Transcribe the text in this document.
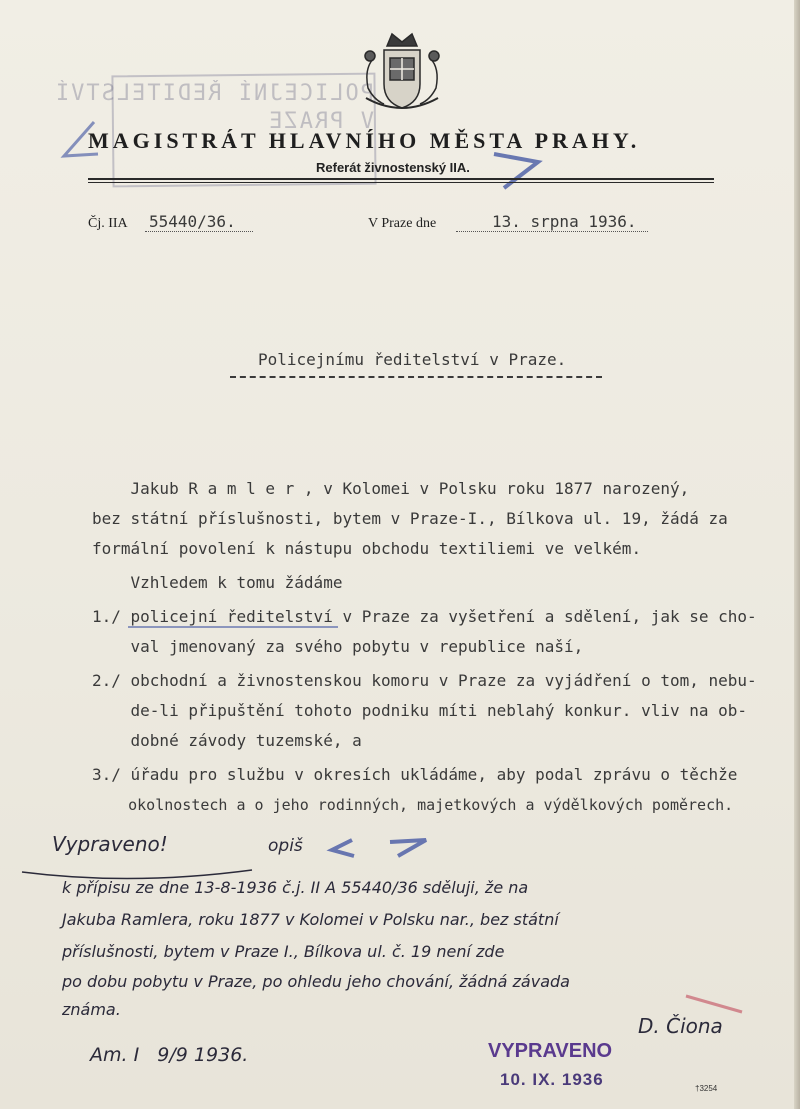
POLICEJNÍ ŘEDITELSTVÍ
V PRAZE
MAGISTRÁT HLAVNÍHO MĚSTA PRAHY.
Referát živnostenský IIA.
Čj. IIA 55440/36.	V Praze dne	13. srpna 1936.
Policejnímu ředitelství v Praze.
Jakub R a m l e r , v Kolomei v Polsku roku 1877 narozený,
bez státní příslušnosti, bytem v Praze-I., Bílkova ul. 19, žádá za
formální povolení k nástupu obchodu textiliemi ve velkém.
Vzhledem k tomu žádáme
1./ policejní ředitelství v Praze za vyšetření a sdělení, jak se cho-
val jmenovaný za svého pobytu v republice naší,
2./ obchodní a živnostenskou komoru v Praze za vyjádření o tom, nebu-
de-li připuštění tohoto podniku míti neblahý konkur. vliv na ob-
dobné závody tuzemské, a
3./ úřadu pro službu v okresích ukládáme, aby podal zprávu o těchže
okolnostech a o jeho rodinných, majetkových a výdělkových poměrech.
Vypraveno!	opiš
k přípisu ze dne 13-8-1936 č.j. II A 55440/36 sděluji, že na
Jakuba Ramlera, roku 1877 v Kolomei v Polsku nar., bez státní
příslušnosti, bytem v Praze I., Bílkova ul. č. 19 není zde
po dobu pobytu v Praze, po ohledu jeho chování, žádná závada
známa.
D. Čiona
Am. I   9/9 1936.	VYPRAVENO
10. IX. 1936	†3254
